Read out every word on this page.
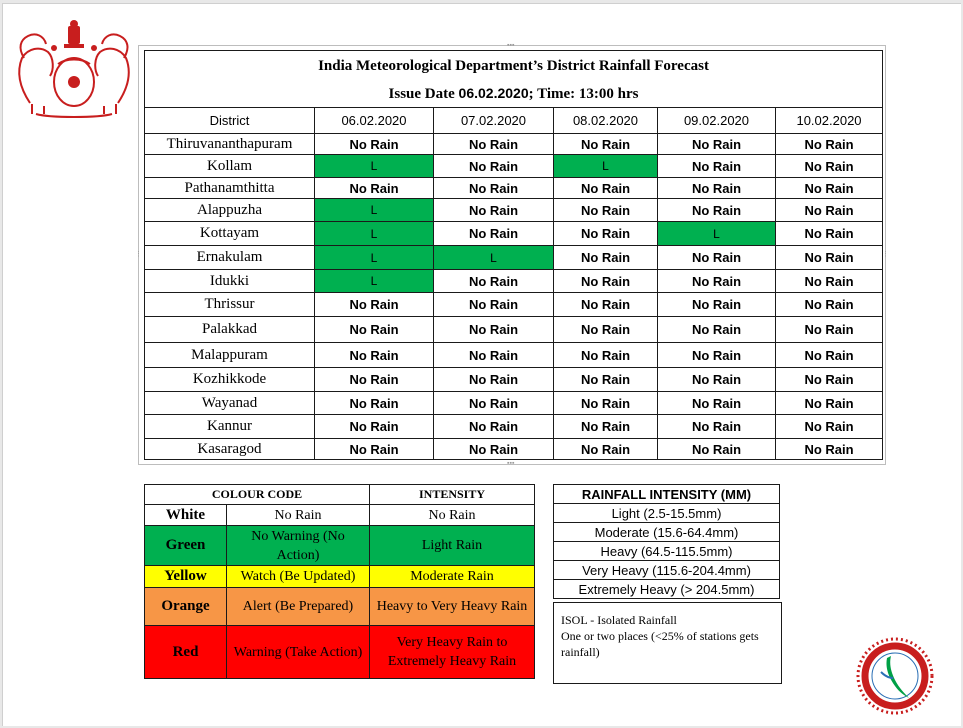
▪▪▪
⋮	⋮
▪▪▪
India Meteorological Department’s District Rainfall Forecast					
Issue Date 06.02.2020; Time: 13:00 hrs					
District	06.02.2020	07.02.2020	08.02.2020	09.02.2020	10.02.2020
Thiruvananthapuram	No Rain	No Rain	No Rain	No Rain	No Rain
Kollam	L	No Rain	L	No Rain	No Rain
Pathanamthitta	No Rain	No Rain	No Rain	No Rain	No Rain
Alappuzha	L	No Rain	No Rain	No Rain	No Rain
Kottayam	L	No Rain	No Rain	L	No Rain
Ernakulam	L	L	No Rain	No Rain	No Rain
Idukki	L	No Rain	No Rain	No Rain	No Rain
Thrissur	No Rain	No Rain	No Rain	No Rain	No Rain
Palakkad	No Rain	No Rain	No Rain	No Rain	No Rain
Malappuram	No Rain	No Rain	No Rain	No Rain	No Rain
Kozhikkode	No Rain	No Rain	No Rain	No Rain	No Rain
Wayanad	No Rain	No Rain	No Rain	No Rain	No Rain
Kannur	No Rain	No Rain	No Rain	No Rain	No Rain
Kasaragod	No Rain	No Rain	No Rain	No Rain	No Rain
COLOUR CODE		INTENSITY
White	No Rain	No Rain
Green	No Warning (No Action)	Light Rain
Yellow	Watch (Be Updated)	Moderate Rain
Orange	Alert (Be Prepared)	Heavy to Very Heavy Rain
Red	Warning (Take Action)	Very Heavy Rain to Extremely Heavy Rain
RAINFALL INTENSITY (MM)
Light (2.5-15.5mm)
Moderate (15.6-64.4mm)
Heavy (64.5-115.5mm)
Very Heavy (115.6-204.4mm)
Extremely Heavy (> 204.5mm)
ISOL - Isolated Rainfall
One or two places (<25% of stations gets rainfall)
